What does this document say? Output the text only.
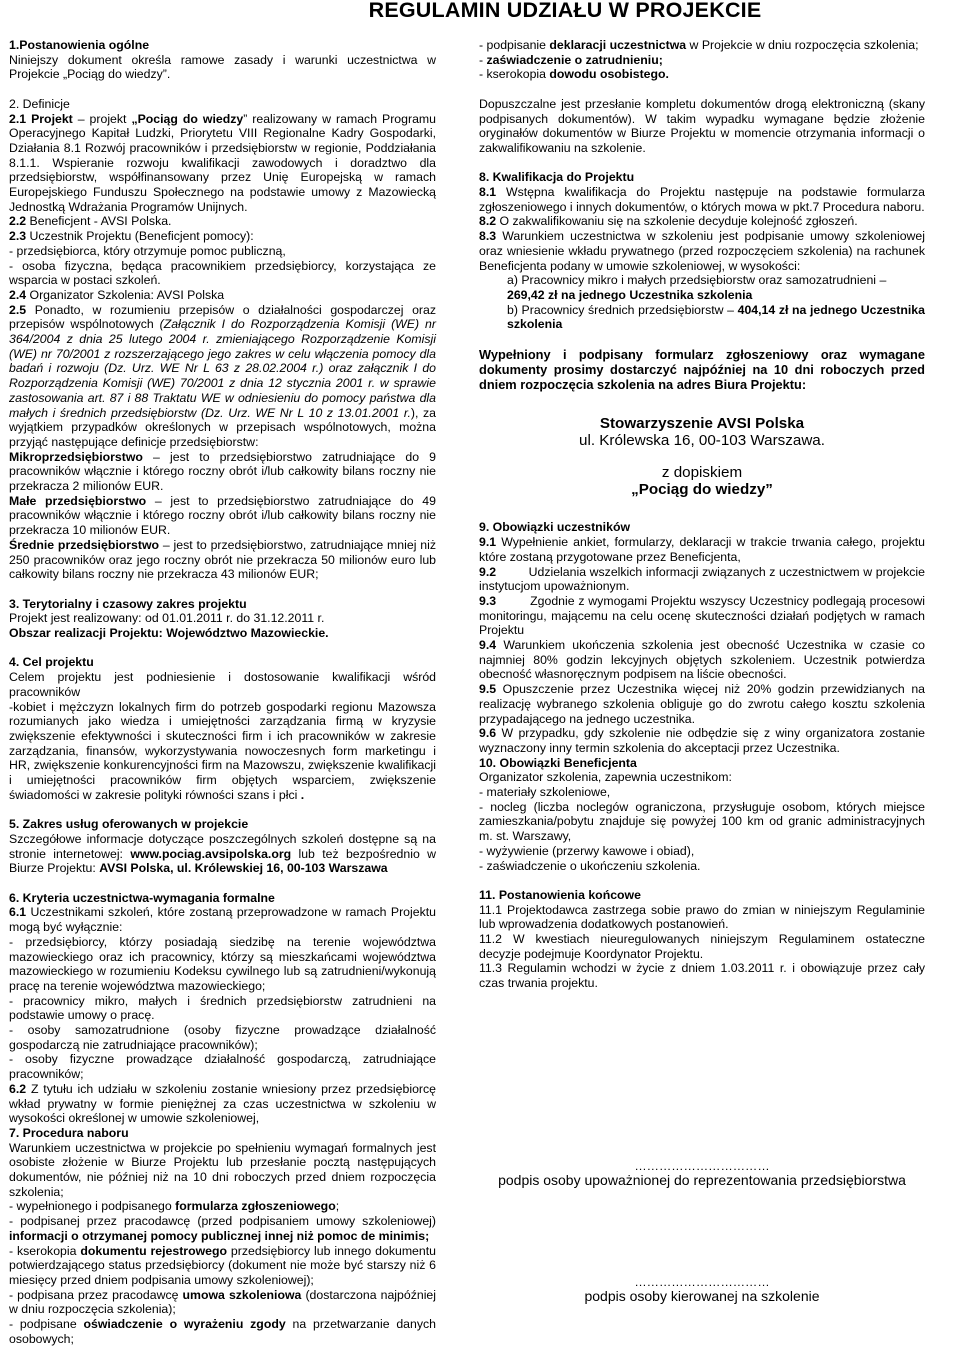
REGULAMIN UDZIAŁU W PROJEKCIE

1.Postanowienia ogólne

Niniejszy dokument określa ramowe zasady i warunki uczestnictwa w Projekcie „Pociąg do wiedzy”.

2. Definicje

2.1 Projekt – projekt „Pociąg do wiedzy” realizowany w ramach Programu Operacyjnego Kapitał Ludzki, Priorytetu VIII Regionalne Kadry Gospodarki, Działania 8.1 Rozwój pracowników i przedsiębiorstw w regionie, Poddziałania 8.1.1. Wspieranie rozwoju kwalifikacji zawodowych i doradztwo dla przedsiębiorstw, współfinansowany przez Unię Europejską w ramach Europejskiego Funduszu Społecznego na podstawie umowy z Mazowiecką Jednostką Wdrażania Programów Unijnych.

2.2 Beneficjent - AVSI Polska.

2.3 Uczestnik Projektu (Beneficjent pomocy):

- przedsiębiorca, który otrzymuje pomoc publiczną,

- osoba fizyczna, będąca pracownikiem przedsiębiorcy, korzystająca ze wsparcia w postaci szkoleń.

2.4 Organizator Szkolenia: AVSI Polska

2.5 Ponadto, w rozumieniu przepisów o działalności gospodarczej oraz przepisów wspólnotowych (Załącznik I do Rozporządzenia Komisji (WE) nr 364/2004 z dnia 25 lutego 2004 r. zmieniającego Rozporządzenie Komisji (WE) nr 70/2001 z rozszerzającego jego zakres w celu włączenia pomocy dla badań i rozwoju (Dz. Urz. WE Nr L 63 z 28.02.2004 r.) oraz załącznik I do Rozporządzenia Komisji (WE) 70/2001 z dnia 12 stycznia 2001 r. w sprawie zastosowania art. 87 i 88 Traktatu WE w odniesieniu do pomocy państwa dla małych i średnich przedsiębiorstw (Dz. Urz. WE Nr L 10 z 13.01.2001 r.), za wyjątkiem przypadków określonych w przepisach wspólnotowych, można przyjąć następujące definicje przedsiębiorstw:

Mikroprzedsiębiorstwo – jest to przedsiębiorstwo zatrudniające do 9 pracowników włącznie i którego roczny obrót i/lub całkowity bilans roczny nie przekracza 2 milionów EUR.

Małe przedsiębiorstwo – jest to przedsiębiorstwo zatrudniające do 49 pracowników włącznie i którego roczny obrót i/lub całkowity bilans roczny nie przekracza 10 milionów EUR.

Średnie przedsiębiorstwo – jest to przedsiębiorstwo, zatrudniające mniej niż 250 pracowników oraz jego roczny obrót nie przekracza 50 milionów euro lub całkowity bilans roczny nie przekracza 43 milionów EUR;

3. Terytorialny i czasowy zakres projektu

Projekt jest realizowany: od 01.01.2011 r. do 31.12.2011 r.

Obszar realizacji Projektu: Województwo Mazowieckie.

4. Cel projektu

Celem projektu jest podniesienie i dostosowanie kwalifikacji wśród pracowników

-kobiet i mężczyzn lokalnych firm do potrzeb gospodarki regionu Mazowsza rozumianych jako wiedza i umiejętności zarządzania firmą w kryzysie zwiększenie efektywności i skuteczności firm i ich pracowników w zakresie zarządzania, finansów, wykorzystywania nowoczesnych form marketingu i HR, zwiększenie konkurencyjności firm na Mazowszu, zwiększenie kwalifikacji i umiejętności pracowników firm objętych wsparciem, zwiększenie świadomości w zakresie polityki równości szans i płci .

5. Zakres usług oferowanych w projekcie

Szczegółowe informacje dotyczące poszczególnych szkoleń dostępne są na stronie internetowej: www.pociag.avsipolska.org lub też bezpośrednio w Biurze Projektu: AVSI Polska, ul. Królewskiej 16, 00-103 Warszawa

6. Kryteria uczestnictwa-wymagania formalne

6.1 Uczestnikami szkoleń, które zostaną przeprowadzone w ramach Projektu mogą być wyłącznie:

- przedsiębiorcy, którzy posiadają siedzibę na terenie województwa mazowieckiego oraz ich pracownicy, którzy są mieszkańcami województwa mazowieckiego w rozumieniu Kodeksu cywilnego lub są zatrudnieni/wykonują pracę na terenie województwa mazowieckiego;

- pracownicy mikro, małych i średnich przedsiębiorstw zatrudnieni na podstawie umowy o pracę.

- osoby samozatrudnione (osoby fizyczne prowadzące działalność gospodarczą nie zatrudniające pracowników);

- osoby fizyczne prowadzące działalność gospodarczą, zatrudniające pracowników;

6.2 Z tytułu ich udziału w szkoleniu zostanie wniesiony przez przedsiębiorcę wkład prywatny w formie pieniężnej za czas uczestnictwa w szkoleniu w wysokości określonej w umowie szkoleniowej,

7. Procedura naboru

Warunkiem uczestnictwa w projekcie po spełnieniu wymagań formalnych jest osobiste złożenie w Biurze Projektu lub przesłanie pocztą następujących dokumentów, nie później niż na 10 dni roboczych przed dniem rozpoczęcia szkolenia;

- wypełnionego i podpisanego formularza zgłoszeniowego;

- podpisanej przez pracodawcę (przed podpisaniem umowy szkoleniowej) informacji o otrzymanej pomocy publicznej innej niż pomoc de minimis;

- kserokopia dokumentu rejestrowego przedsiębiorcy lub innego dokumentu potwierdzającego status przedsiębiorcy (dokument nie może być starszy niż 6 miesięcy przed dniem podpisania umowy szkoleniowej);

- podpisana przez pracodawcę umowa szkoleniowa (dostarczona najpóźniej w dniu rozpoczęcia szkolenia);

- podpisane oświadczenie o wyrażeniu zgody na przetwarzanie danych osobowych;

- podpisanie deklaracji uczestnictwa w Projekcie w dniu rozpoczęcia szkolenia;

- zaświadczenie o zatrudnieniu;

- kserokopia dowodu osobistego.

Dopuszczalne jest przesłanie kompletu dokumentów drogą elektroniczną (skany podpisanych dokumentów). W takim wypadku wymagane będzie złożenie oryginałów dokumentów w Biurze Projektu w momencie otrzymania informacji o zakwalifikowaniu na szkolenie.

8. Kwalifikacja do Projektu

8.1 Wstępna kwalifikacja do Projektu następuje na podstawie formularza zgłoszeniowego i innych dokumentów, o których mowa w pkt.7 Procedura naboru.

8.2 O zakwalifikowaniu się na szkolenie decyduje kolejność zgłoszeń.

8.3 Warunkiem uczestnictwa w szkoleniu jest podpisanie umowy szkoleniowej oraz wniesienie wkładu prywatnego (przed rozpoczęciem szkolenia) na rachunek Beneficjenta podany w umowie szkoleniowej, w wysokości:

a) Pracownicy mikro i małych przedsiębiorstw oraz samozatrudnieni –

269,42 zł na jednego Uczestnika szkolenia

b) Pracownicy średnich przedsiębiorstw – 404,14 zł na jednego Uczestnika szkolenia

Wypełniony i podpisany formularz zgłoszeniowy oraz wymagane dokumenty prosimy dostarczyć najpóźniej na 10 dni roboczych przed dniem rozpoczęcia szkolenia na adres Biura Projektu:

Stowarzyszenie AVSI Polska

ul. Królewska 16, 00-103 Warszawa.

z dopiskiem

„Pociąg do wiedzy”

9. Obowiązki uczestników

9.1 Wypełnienie ankiet, formularzy, deklaracji w trakcie trwania całego, projektu które zostaną przygotowane przez Beneficjenta,

9.2         Udzielania wszelkich informacji związanych z uczestnictwem w projekcie instytucjom upoważnionym.

9.3         Zgodnie z wymogami Projektu wszyscy Uczestnicy podlegają procesowi monitoringu, mającemu na celu ocenę skuteczności działań podjętych w ramach Projektu

9.4 Warunkiem ukończenia szkolenia jest obecność Uczestnika w czasie co najmniej 80% godzin lekcyjnych objętych szkoleniem. Uczestnik potwierdza obecność własnoręcznym podpisem na liście obecności.

9.5 Opuszczenie przez Uczestnika więcej niż 20% godzin przewidzianych na realizację wybranego szkolenia obliguje go do zwrotu całego kosztu szkolenia przypadającego na jednego uczestnika.

9.6 W przypadku, gdy szkolenie nie odbędzie się z winy organizatora zostanie wyznaczony inny termin szkolenia do akceptacji przez Uczestnika.

10. Obowiązki Beneficjenta

Organizator szkolenia, zapewnia uczestnikom:

- materiały szkoleniowe,

- nocleg (liczba noclegów ograniczona, przysługuje osobom, których miejsce zamieszkania/pobytu znajduje się powyżej 100 km od granic administracyjnych m. st. Warszawy,

- wyżywienie (przerwy kawowe i obiad),

- zaświadczenie o ukończeniu szkolenia.

11. Postanowienia końcowe

11.1 Projektodawca zastrzega sobie prawo do zmian w niniejszym Regulaminie lub wprowadzenia dodatkowych postanowień.

11.2 W kwestiach nieuregulowanych niniejszym Regulaminem ostateczne decyzje podejmuje Koordynator Projektu.

11.3 Regulamin wchodzi w życie z dniem 1.03.2011 r. i obowiązuje przez cały czas trwania projektu.

……………………………

podpis osoby upoważnionej do reprezentowania przedsiębiorstwa

……………………………

podpis osoby kierowanej na szkolenie
